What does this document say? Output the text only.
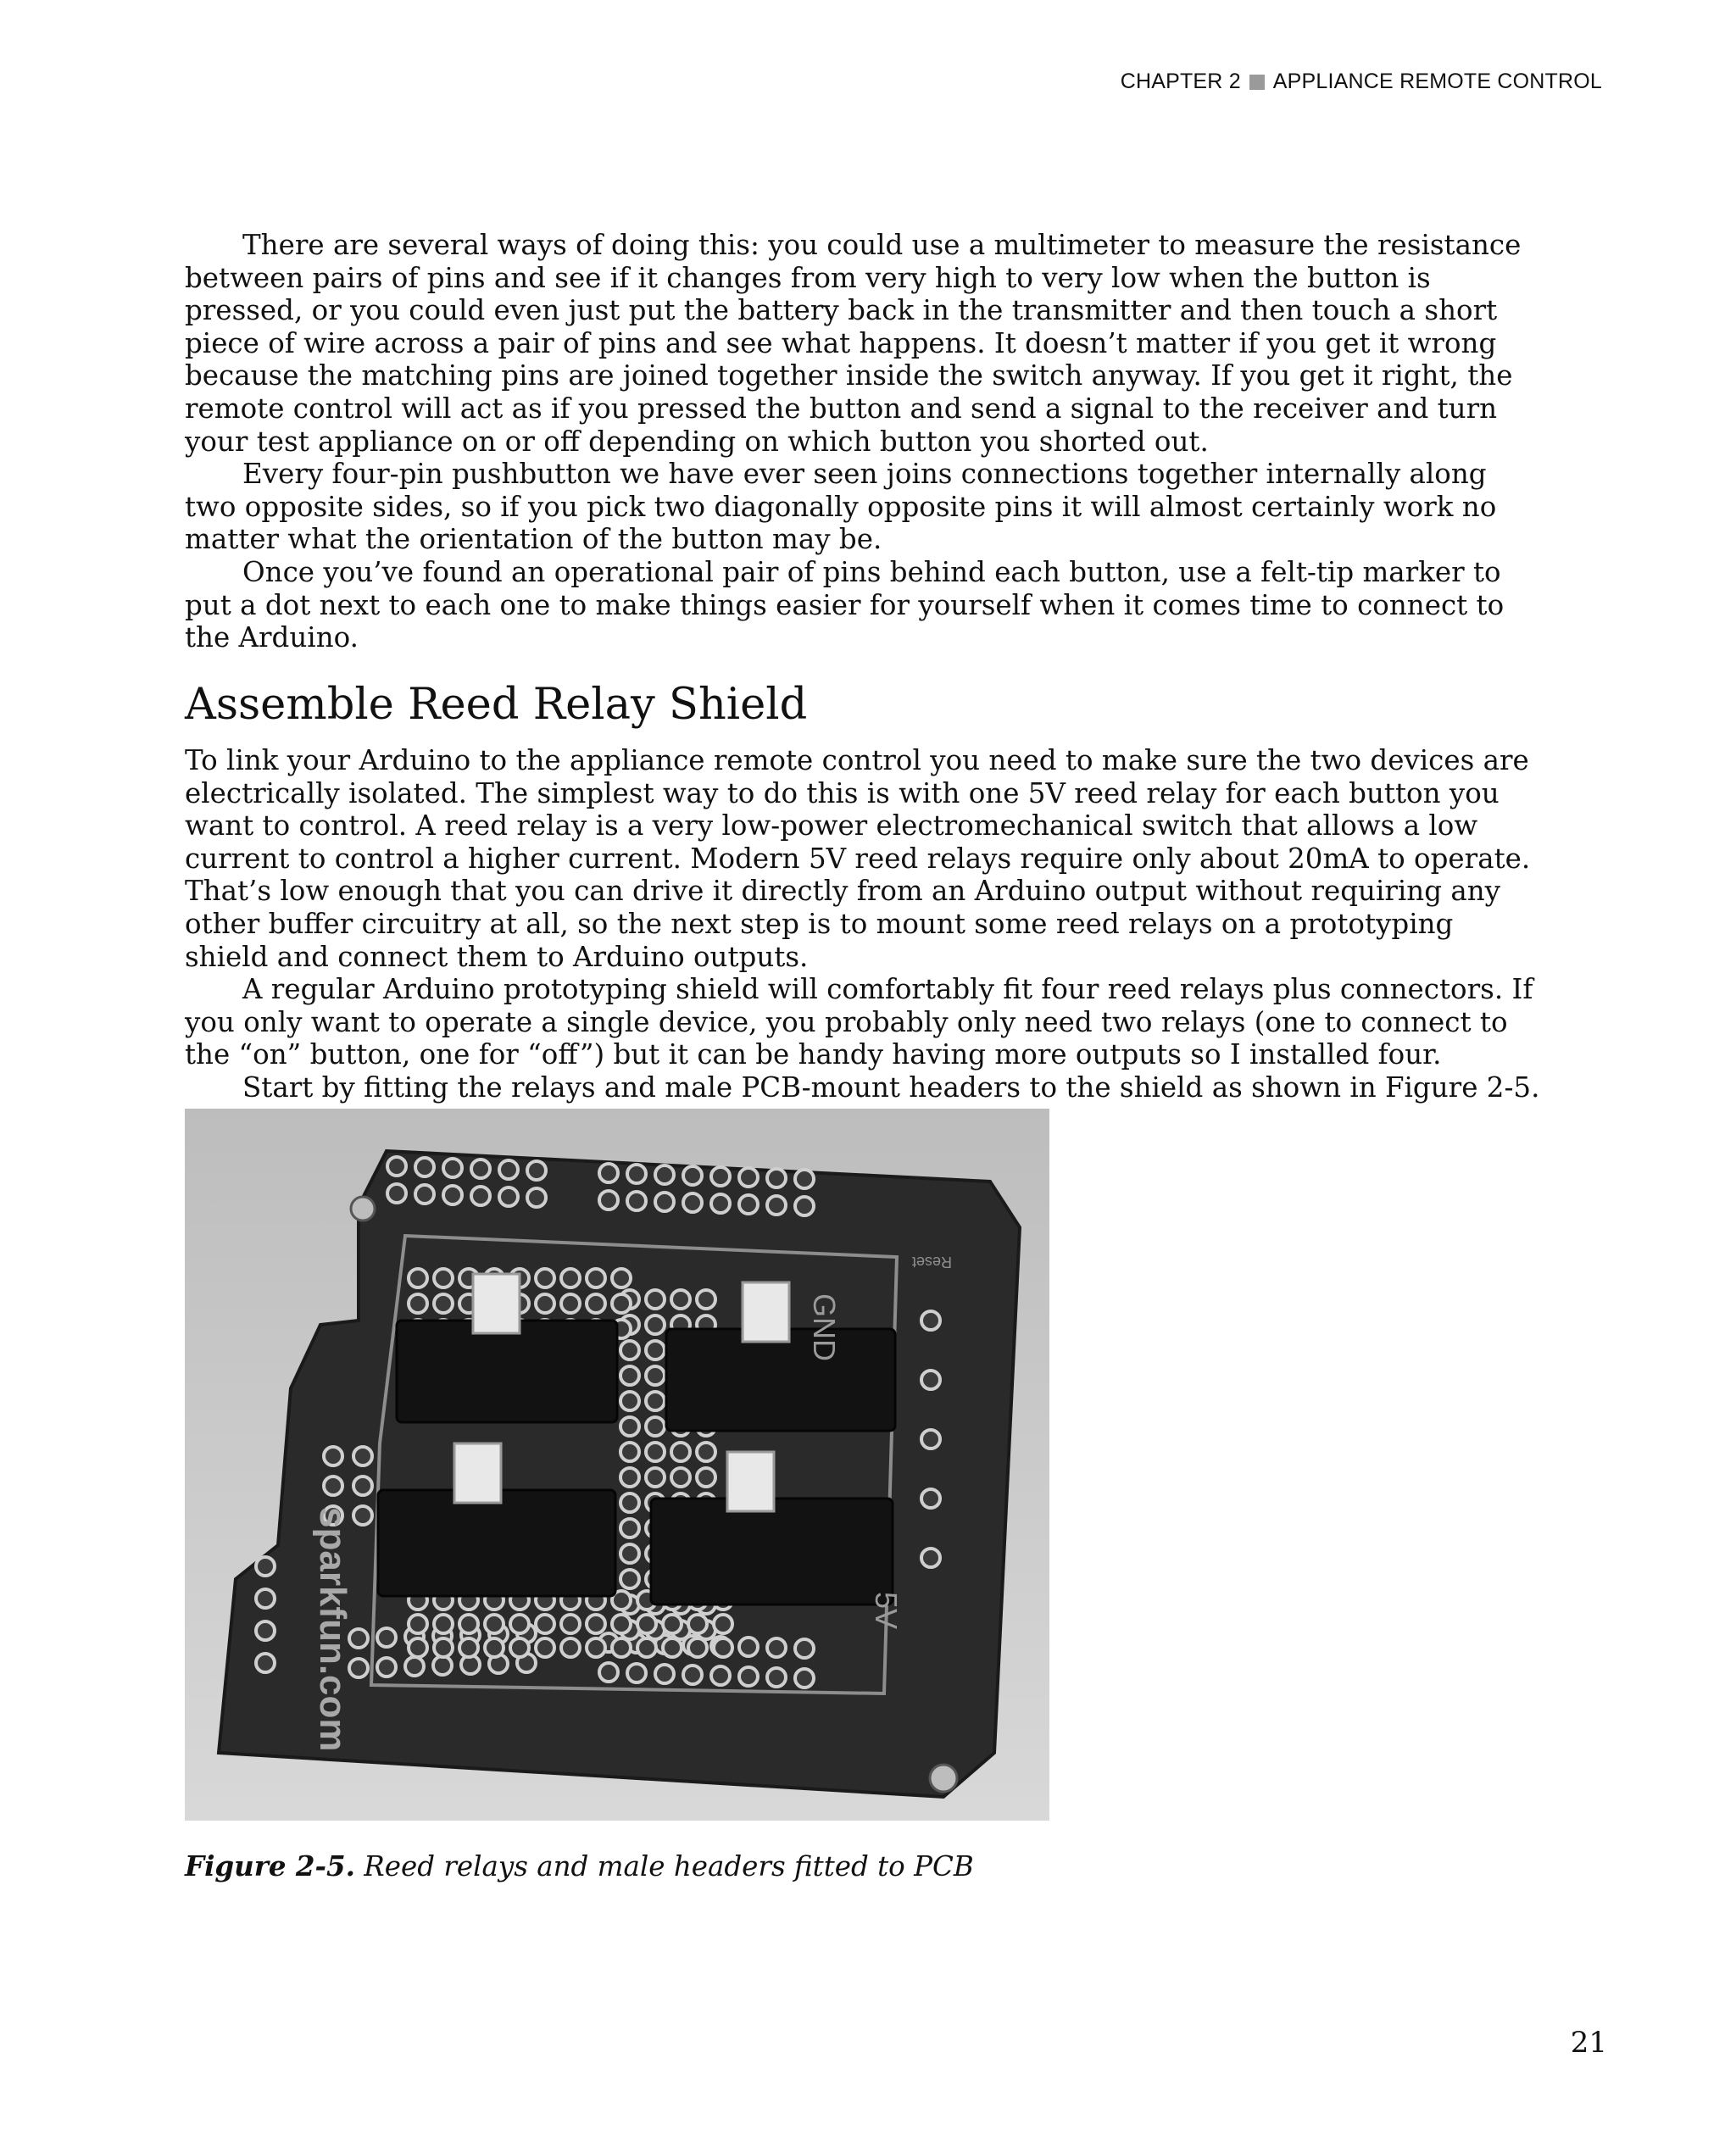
CHAPTER 2 APPLIANCE REMOTE CONTROL

There are several ways of doing this: you could use a multimeter to measure the resistance between pairs of pins and see if it changes from very high to very low when the button is pressed, or you could even just put the battery back in the transmitter and then touch a short piece of wire across a pair of pins and see what happens. It doesn’t matter if you get it wrong because the matching pins are joined together inside the switch anyway. If you get it right, the remote control will act as if you pressed the button and send a signal to the receiver and turn your test appliance on or off depending on which button you shorted out.

Every four-pin pushbutton we have ever seen joins connections together internally along two opposite sides, so if you pick two diagonally opposite pins it will almost certainly work no matter what the orientation of the button may be.

Once you’ve found an operational pair of pins behind each button, use a felt-tip marker to put a dot next to each one to make things easier for yourself when it comes time to connect to the Arduino.

Assemble Reed Relay Shield

To link your Arduino to the appliance remote control you need to make sure the two devices are electrically isolated. The simplest way to do this is with one 5V reed relay for each button you want to control. A reed relay is a very low-power electromechanical switch that allows a low current to control a higher current. Modern 5V reed relays require only about 20mA to operate. That’s low enough that you can drive it directly from an Arduino output without requiring any other buffer circuitry at all, so the next step is to mount some reed relays on a prototyping shield and connect them to Arduino outputs.

A regular Arduino prototyping shield will comfortably fit four reed relays plus connectors. If you only want to operate a single device, you probably only need two relays (one to connect to the “on” button, one for “off”) but it can be handy having more outputs so I installed four.

Start by fitting the relays and male PCB-mount headers to the shield as shown in Figure 2-5.

GND
5V
sparkfun.com
Reset
Figure 2-5. Reed relays and male headers fitted to PCB
21
